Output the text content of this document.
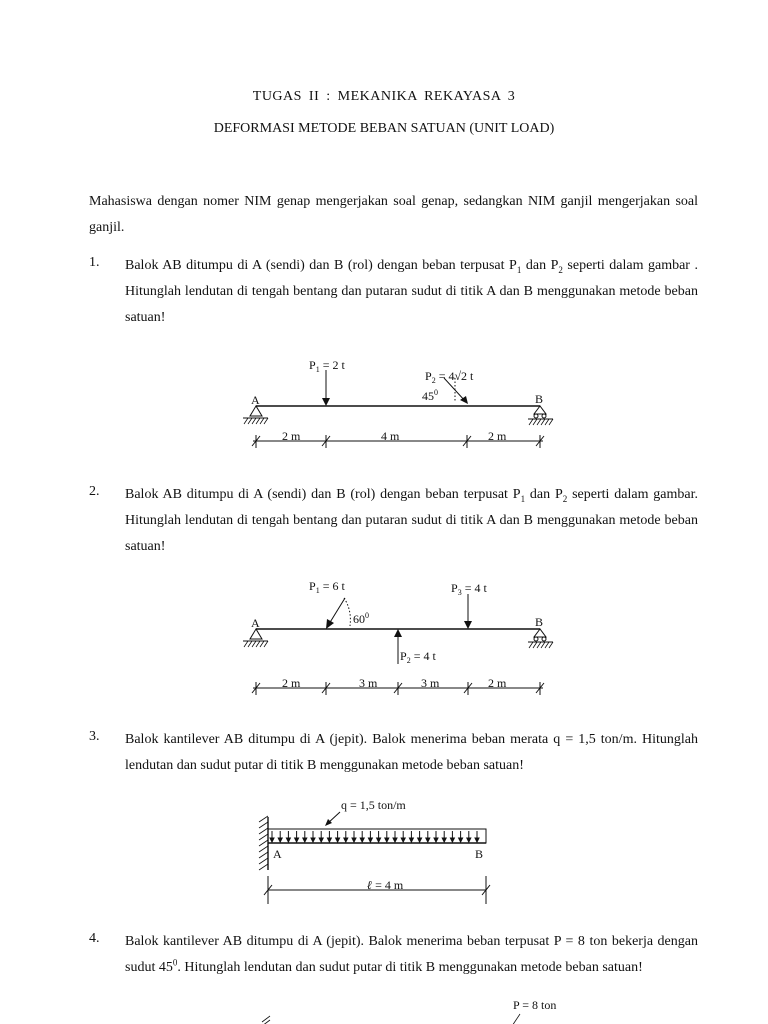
TUGAS II : MEKANIKA REKAYASA 3
DEFORMASI METODE BEBAN SATUAN (UNIT LOAD)
Mahasiswa dengan nomer NIM genap mengerjakan soal genap, sedangkan NIM ganjil mengerjakan soal ganjil.
1. Balok AB ditumpu di A (sendi) dan B (rol) dengan beban terpusat $P_1$ dan $P_2$ seperti dalam gambar . Hitunglah lendutan di tengah bentang dan putaran sudut di titik A dan B menggunakan metode beban satuan!
A	B
$P_1 = 2$ t
$P_2 = 4√2$ t
$45^0$
2 m	4 m	2 m
2. Balok AB ditumpu di A (sendi) dan B (rol) dengan beban terpusat $P_1$ dan $P_2$ seperti dalam gambar. Hitunglah lendutan di tengah bentang dan putaran sudut di titik A dan B menggunakan metode beban satuan!
A	B
$P_1 = 6$ t
$P_2 = 4$ t
$P_3 = 4$ t
$60^0$
2 m	3 m	3 m	2 m
3. Balok kantilever AB ditumpu di A (jepit). Balok menerima beban merata q = 1,5 ton/m. Hitunglah lendutan dan sudut putar di titik B menggunakan metode beban satuan!
q = 1,5 ton/m
A	B
ℓ = 4 m
4. Balok kantilever AB ditumpu di A (jepit). Balok menerima beban terpusat P = 8 ton bekerja dengan sudut $45^0$. Hitunglah lendutan dan sudut putar di titik B menggunakan metode beban satuan!
P = 8 ton
